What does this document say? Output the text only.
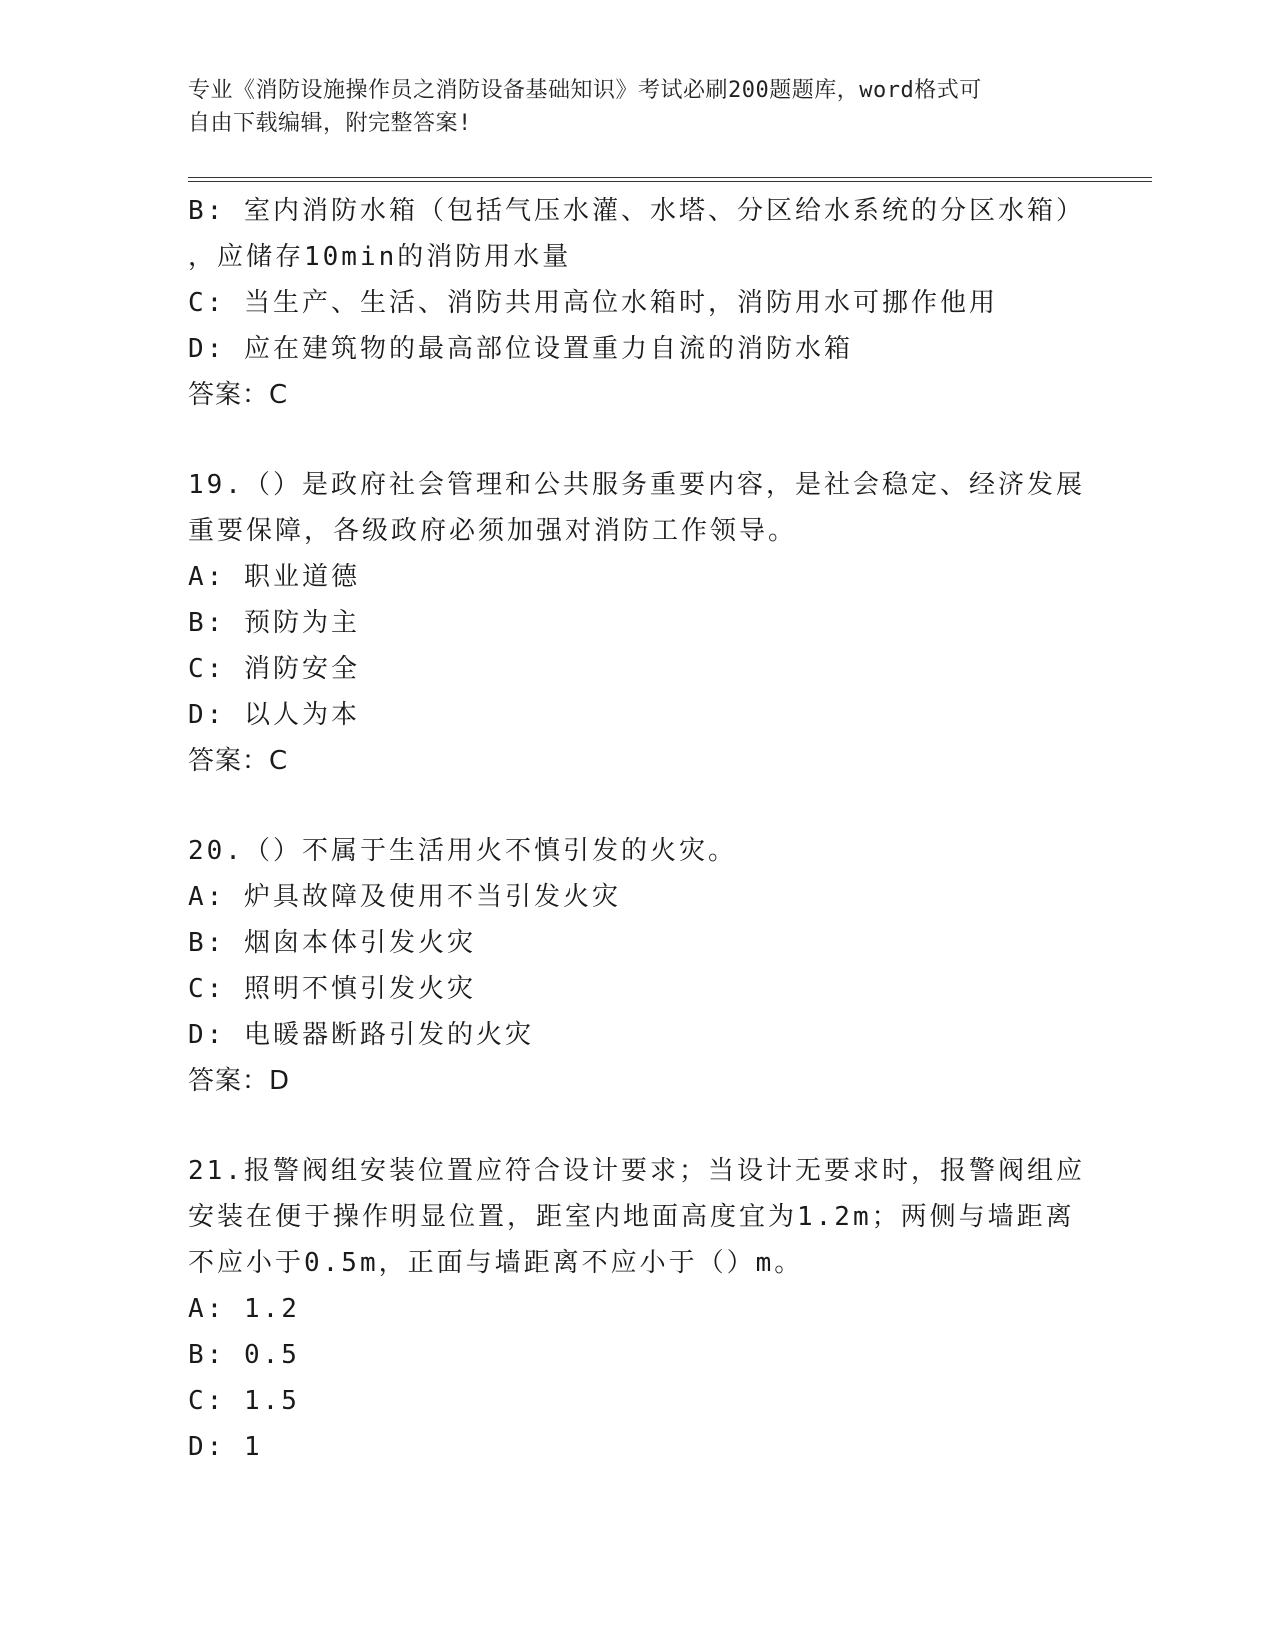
专业《消防设施操作员之消防设备基础知识》考试必刷200题题库，word格式可
自由下载编辑，附完整答案!
B: 室内消防水箱（包括气压水灌、水塔、分区给水系统的分区水箱）
，应储存10min的消防用水量
C: 当生产、生活、消防共用高位水箱时，消防用水可挪作他用
D: 应在建筑物的最高部位设置重力自流的消防水箱
答案：C
19.（）是政府社会管理和公共服务重要内容，是社会稳定、经济发展
重要保障，各级政府必须加强对消防工作领导。
A: 职业道德
B: 预防为主
C: 消防安全
D: 以人为本
答案：C
20.（）不属于生活用火不慎引发的火灾。
A: 炉具故障及使用不当引发火灾
B: 烟囱本体引发火灾
C: 照明不慎引发火灾
D: 电暖器断路引发的火灾
答案：D
21.报警阀组安装位置应符合设计要求；当设计无要求时，报警阀组应
安装在便于操作明显位置，距室内地面高度宜为1.2m；两侧与墙距离
不应小于0.5m，正面与墙距离不应小于（）m。
A: 1.2
B: 0.5
C: 1.5
D: 1
